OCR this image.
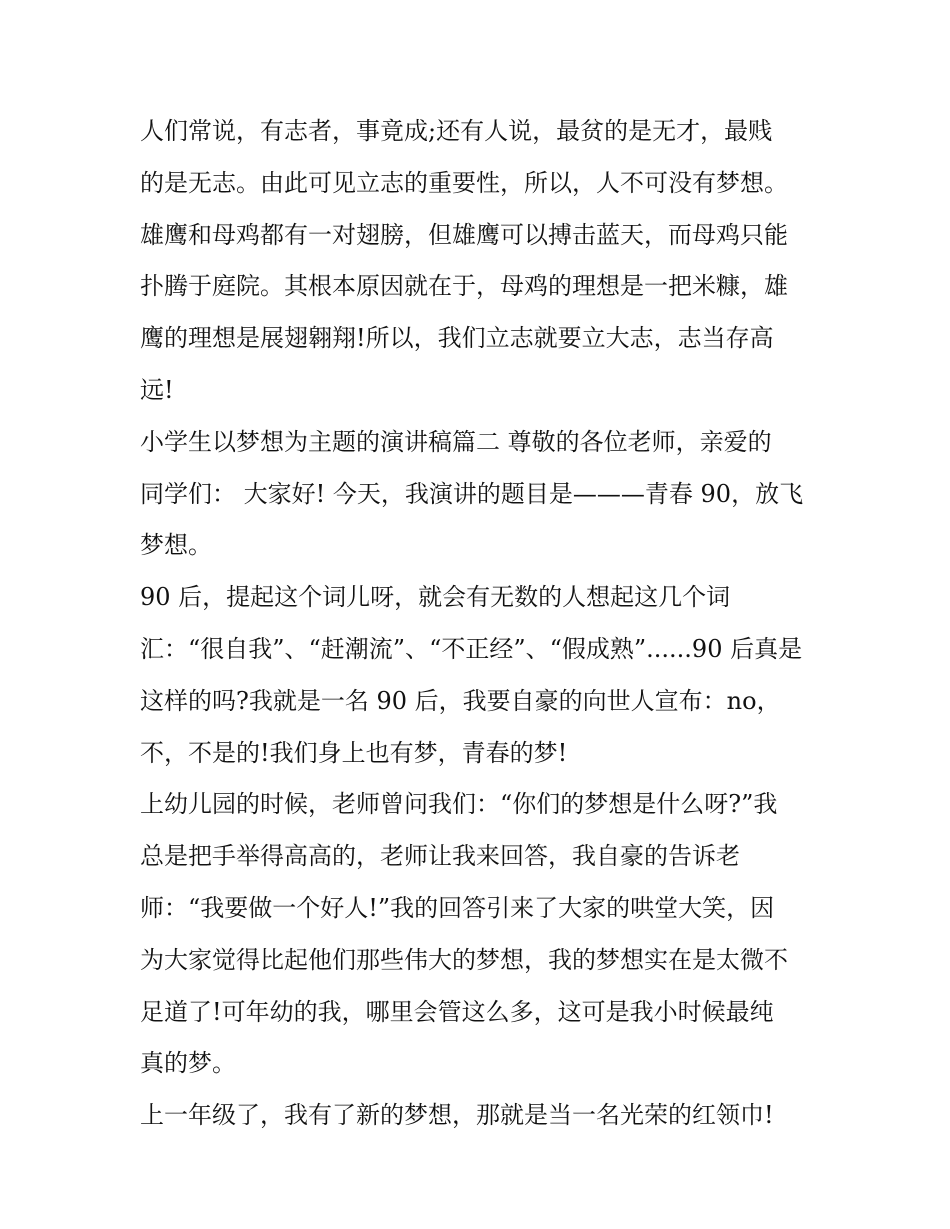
人们常说，有志者，事竟成;还有人说，最贫的是无才，最贱
的是无志。由此可见立志的重要性，所以，人不可没有梦想。
雄鹰和母鸡都有一对翅膀，但雄鹰可以搏击蓝天，而母鸡只能
扑腾于庭院。其根本原因就在于，母鸡的理想是一把米糠，雄
鹰的理想是展翅翱翔!所以，我们立志就要立大志，志当存高
远!
小学生以梦想为主题的演讲稿篇二 尊敬的各位老师，亲爱的
同学们： 大家好! 今天，我演讲的题目是———青春 90，放飞
梦想。
90 后，提起这个词儿呀，就会有无数的人想起这几个词
汇：“很自我”、“赶潮流”、“不正经”、“假成熟”......90 后真是
这样的吗?我就是一名 90 后，我要自豪的向世人宣布：no，
不，不是的!我们身上也有梦，青春的梦!
上幼儿园的时候，老师曾问我们：“你们的梦想是什么呀?”我
总是把手举得高高的，老师让我来回答，我自豪的告诉老
师：“我要做一个好人!”我的回答引来了大家的哄堂大笑，因
为大家觉得比起他们那些伟大的梦想，我的梦想实在是太微不
足道了!可年幼的我，哪里会管这么多，这可是我小时候最纯
真的梦。
上一年级了，我有了新的梦想，那就是当一名光荣的红领巾!
